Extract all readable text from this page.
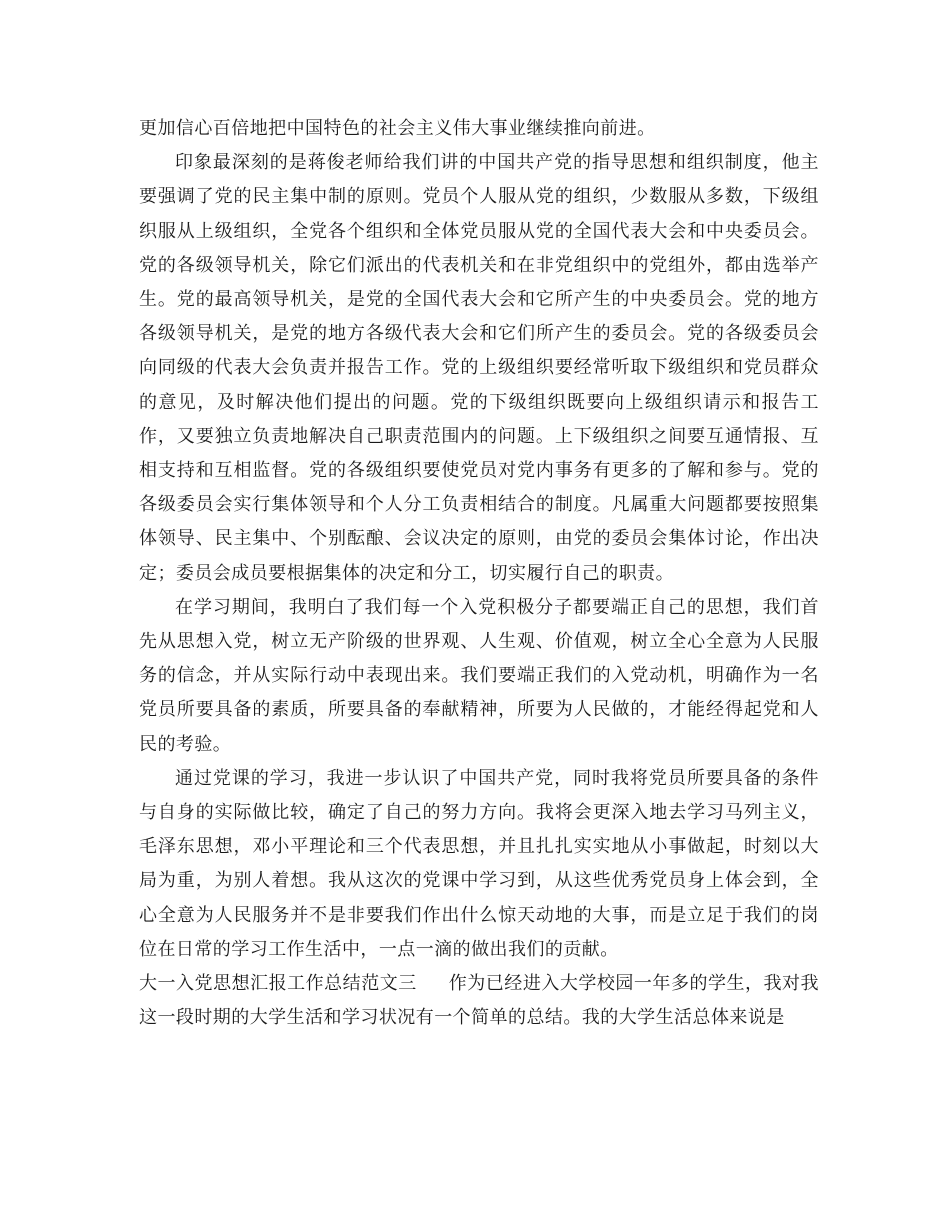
更加信心百倍地把中国特色的社会主义伟大事业继续推向前进。

印象最深刻的是蒋俊老师给我们讲的中国共产党的指导思想和组织制度，他主要强调了党的民主集中制的原则。党员个人服从党的组织，少数服从多数，下级组织服从上级组织，全党各个组织和全体党员服从党的全国代表大会和中央委员会。党的各级领导机关，除它们派出的代表机关和在非党组织中的党组外，都由选举产生。党的最高领导机关，是党的全国代表大会和它所产生的中央委员会。党的地方各级领导机关，是党的地方各级代表大会和它们所产生的委员会。党的各级委员会向同级的代表大会负责并报告工作。党的上级组织要经常听取下级组织和党员群众的意见，及时解决他们提出的问题。党的下级组织既要向上级组织请示和报告工作，又要独立负责地解决自己职责范围内的问题。上下级组织之间要互通情报、互相支持和互相监督。党的各级组织要使党员对党内事务有更多的了解和参与。党的各级委员会实行集体领导和个人分工负责相结合的制度。凡属重大问题都要按照集体领导、民主集中、个别酝酿、会议决定的原则，由党的委员会集体讨论，作出决定；委员会成员要根据集体的决定和分工，切实履行自己的职责。

在学习期间，我明白了我们每一个入党积极分子都要端正自己的思想，我们首先从思想入党，树立无产阶级的世界观、人生观、价值观，树立全心全意为人民服务的信念，并从实际行动中表现出来。我们要端正我们的入党动机，明确作为一名党员所要具备的素质，所要具备的奉献精神，所要为人民做的，才能经得起党和人民的考验。

通过党课的学习，我进一步认识了中国共产党，同时我将党员所要具备的条件与自身的实际做比较，确定了自己的努力方向。我将会更深入地去学习马列主义，毛泽东思想，邓小平理论和三个代表思想，并且扎扎实实地从小事做起，时刻以大局为重，为别人着想。我从这次的党课中学习到，从这些优秀党员身上体会到，全心全意为人民服务并不是非要我们作出什么惊天动地的大事，而是立足于我们的岗位在日常的学习工作生活中，一点一滴的做出我们的贡献。

大一入党思想汇报工作总结范文三 作为已经进入大学校园一年多的学生，我对我这一段时期的大学生活和学习状况有一个简单的总结。我的大学生活总体来说是
